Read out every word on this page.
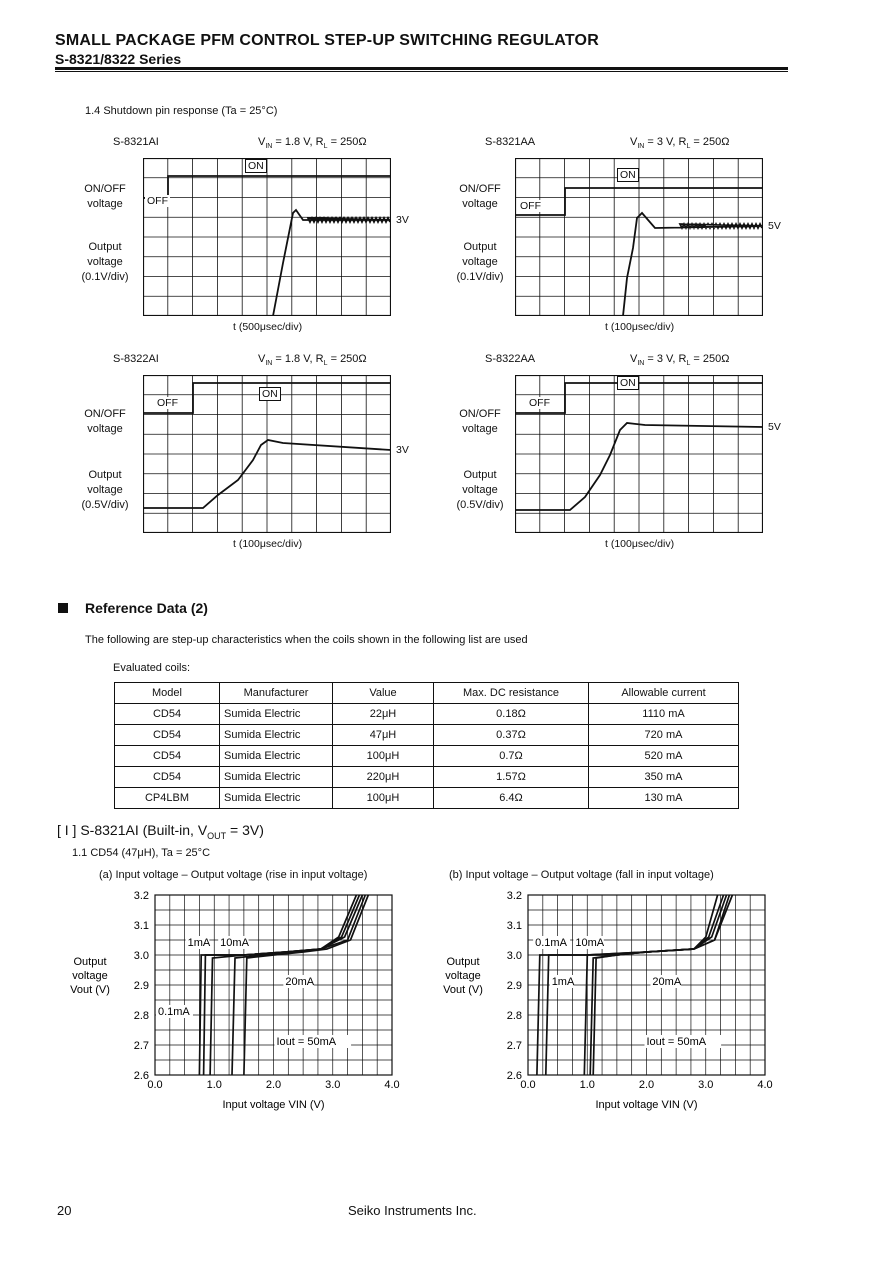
SMALL PACKAGE PFM CONTROL STEP-UP SWITCHING REGULATOR
S-8321/8322 Series
1.4 Shutdown pin response (Ta = 25°C)
S-8321AI	$V_{IN} = 1.8$ V, $R_L = 250\Omega$
ON/OFF voltage
Output voltage (0.1V/div)
3V
t (500μsec/div)
ON
OFF
S-8321AA	$V_{IN} = 3$ V, $R_L = 250\Omega$
ON/OFF voltage
Output voltage (0.1V/div)
5V
t (100μsec/div)
ON
OFF
S-8322AI	$V_{IN} = 1.8$ V, $R_L = 250\Omega$
ON/OFF voltage
Output voltage (0.5V/div)
3V
t (100μsec/div)
ON
OFF
S-8322AA	$V_{IN} = 3$ V, $R_L = 250\Omega$
ON/OFF voltage
Output voltage (0.5V/div)
5V
t (100μsec/div)
ON
OFF
Reference Data (2)
The following are step-up characteristics when the coils shown in the following list are used
Evaluated coils:
Model	Manufacturer	Value	Max. DC resistance	Allowable current
CD54	Sumida Electric	22μH	0.18Ω	1110 mA
CD54	Sumida Electric	47μH	0.37Ω	720 mA
CD54	Sumida Electric	100μH	0.7Ω	520 mA
CD54	Sumida Electric	220μH	1.57Ω	350 mA
CP4LBM	Sumida Electric	100μH	6.4Ω	130 mA
[ I ] S-8321AI (Built-in, $V_{OUT} = 3V$)
1.1 CD54 (47μH), Ta = 25°C
(a) Input voltage – Output voltage (rise in input voltage)	(b) Input voltage – Output voltage (fall in input voltage)
0.0	1.0	2.0	3.0	4.0
2.6
2.7
2.8
2.9
3.0
3.1
3.2
Input voltage VIN (V)
Output
voltage
Vout (V)
1mA 10mA
0.1mA
20mA
Iout = 50mA
0.0	1.0	2.0	3.0	4.0
2.6
2.7
2.8
2.9
3.0
3.1
3.2
Input voltage VIN (V)
Output
voltage
Vout (V)
0.1mA
1mA
10mA
20mA
Iout = 50mA
20	Seiko Instruments Inc.
